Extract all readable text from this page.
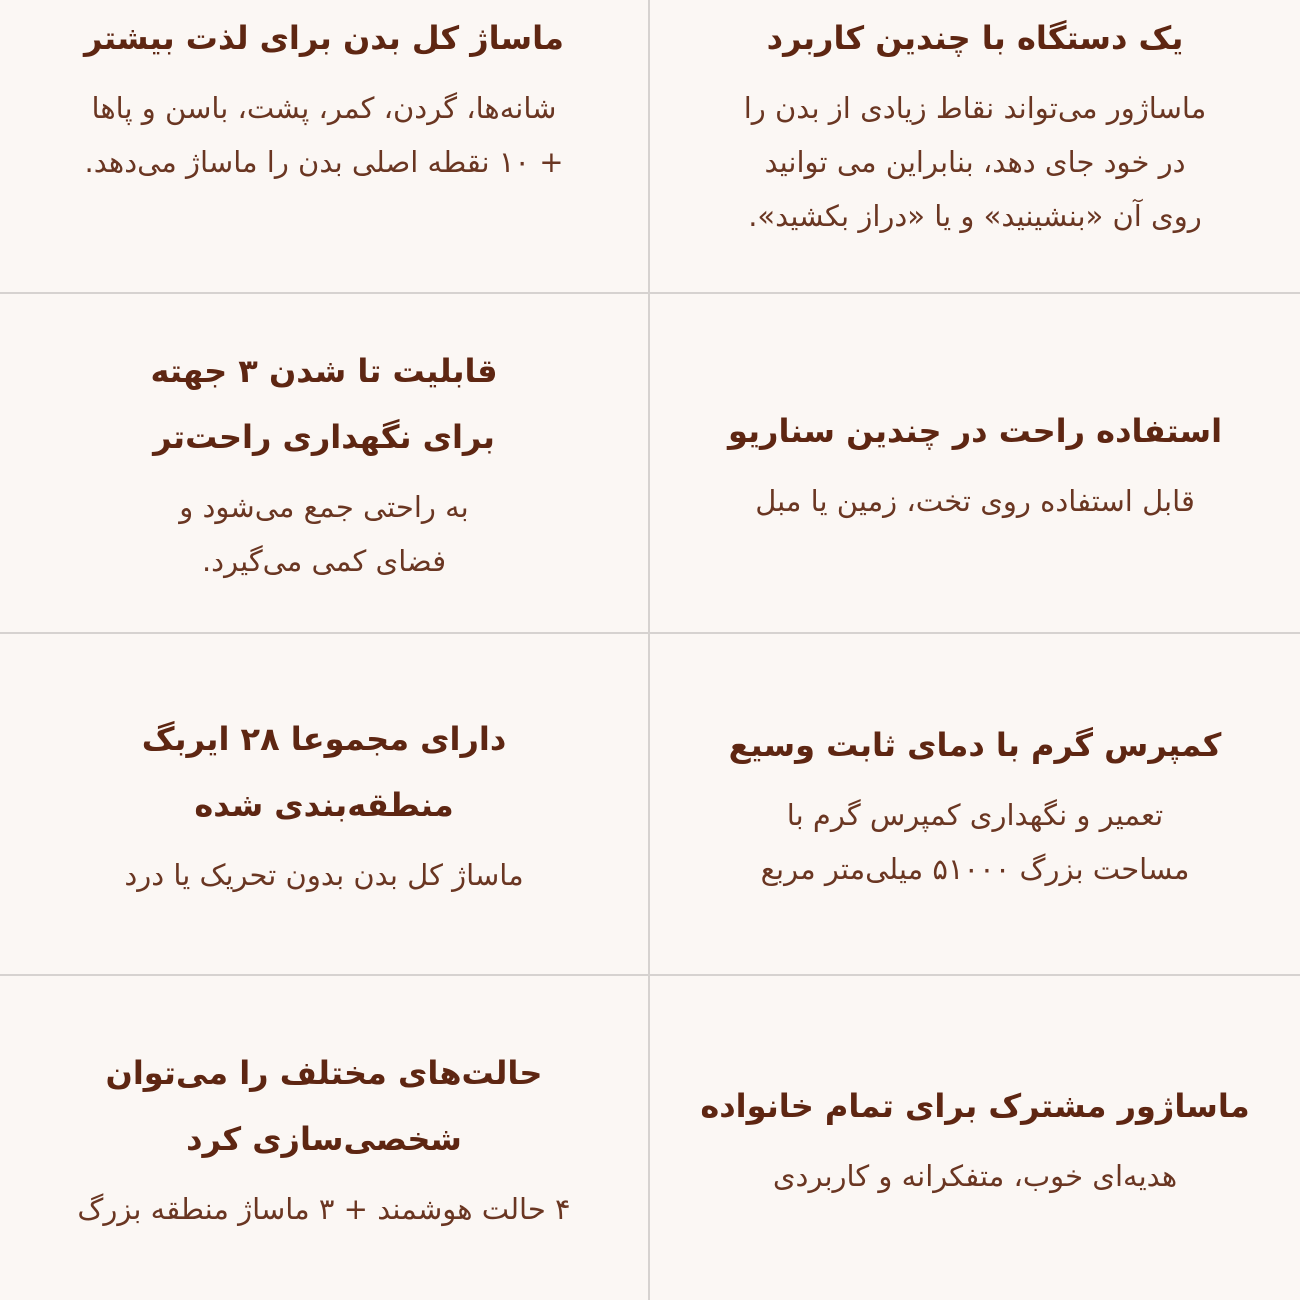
یک دستگاه با چندین کاربرد
ماساژور می‌تواند نقاط زیادی از بدن را
در خود جای دهد، بنابراین می توانید
روی آن «بنشینید» و یا «دراز بکشید».
ماساژ کل بدن برای لذت بیشتر
شانه‌ها، گردن، کمر، پشت، باسن و پاها
+ ۱۰ نقطه اصلی بدن را ماساژ می‌دهد.
استفاده راحت در چندین سناریو
قابل استفاده روی تخت، زمین یا مبل
قابلیت تا شدن ۳ جهته
برای نگهداری راحت‌تر
به راحتی جمع می‌شود و
فضای کمی می‌گیرد.
کمپرس گرم با دمای ثابت وسیع
تعمیر و نگهداری کمپرس گرم با
مساحت بزرگ ۵۱۰۰۰ میلی‌متر مربع
دارای مجموعا ۲۸ ایربگ
منطقه‌بندی شده
ماساژ کل بدن بدون تحریک یا درد
ماساژور مشترک برای تمام خانواده
هدیه‌ای خوب، متفکرانه و کاربردی
حالت‌های مختلف را می‌توان
شخصی‌سازی کرد
۴ حالت هوشمند + ۳ ماساژ منطقه بزرگ
